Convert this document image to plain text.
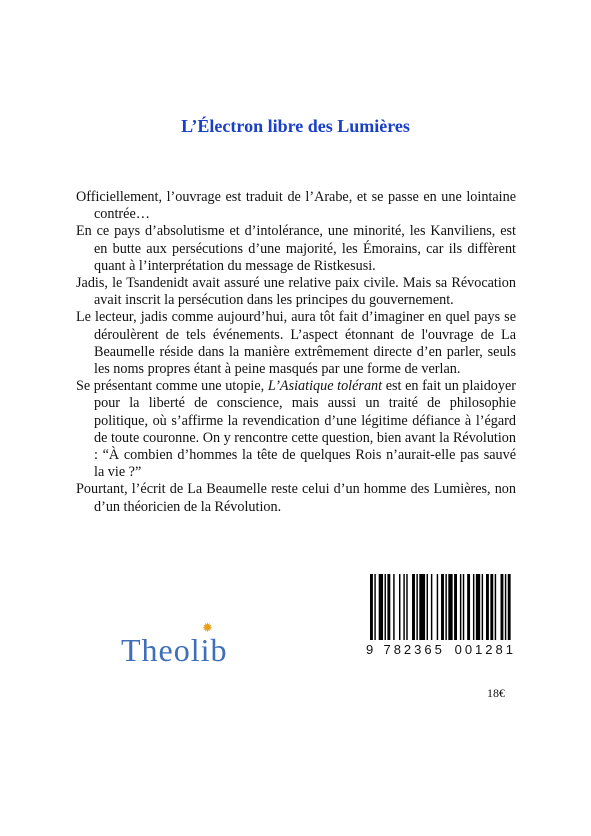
L’Électron libre des Lumières

Officiellement, l’ouvrage est traduit de l’Arabe, et se passe en une lointaine contrée…

En ce pays d’absolutisme et d’intolérance, une minorité, les Kanviliens, est en butte aux persécutions d’une majorité, les Émorains, car ils diffèrent quant à l’interprétation du message de Ristkesusi.

Jadis, le Tsandenidt avait assuré une relative paix civile. Mais sa Révocation avait inscrit la persécution dans les principes du gouvernement.

Le lecteur, jadis comme aujourd’hui, aura tôt fait d’imaginer en quel pays se déroulèrent de tels événements. L’aspect étonnant de l'ouvrage de La Beaumelle réside dans la manière extrêmement directe d’en parler, seuls les noms propres étant à peine masqués par une forme de verlan.

Se présentant comme une utopie, L’Asiatique tolérant est en fait un plaidoyer pour la liberté de conscience, mais aussi un traité de philosophie politique, où s’affirme la revendication d’une légitime défiance à l’égard de toute couronne. On y rencontre cette question, bien avant la Révolution : “À combien d’hommes la tête de quelques Rois n’aurait-elle pas sauvé la vie ?”

Pourtant, l’écrit de La Beaumelle reste celui d’un homme des Lumières, non d’un théoricien de la Révolution.

9 782365 001281
✹
Theolib
18€
